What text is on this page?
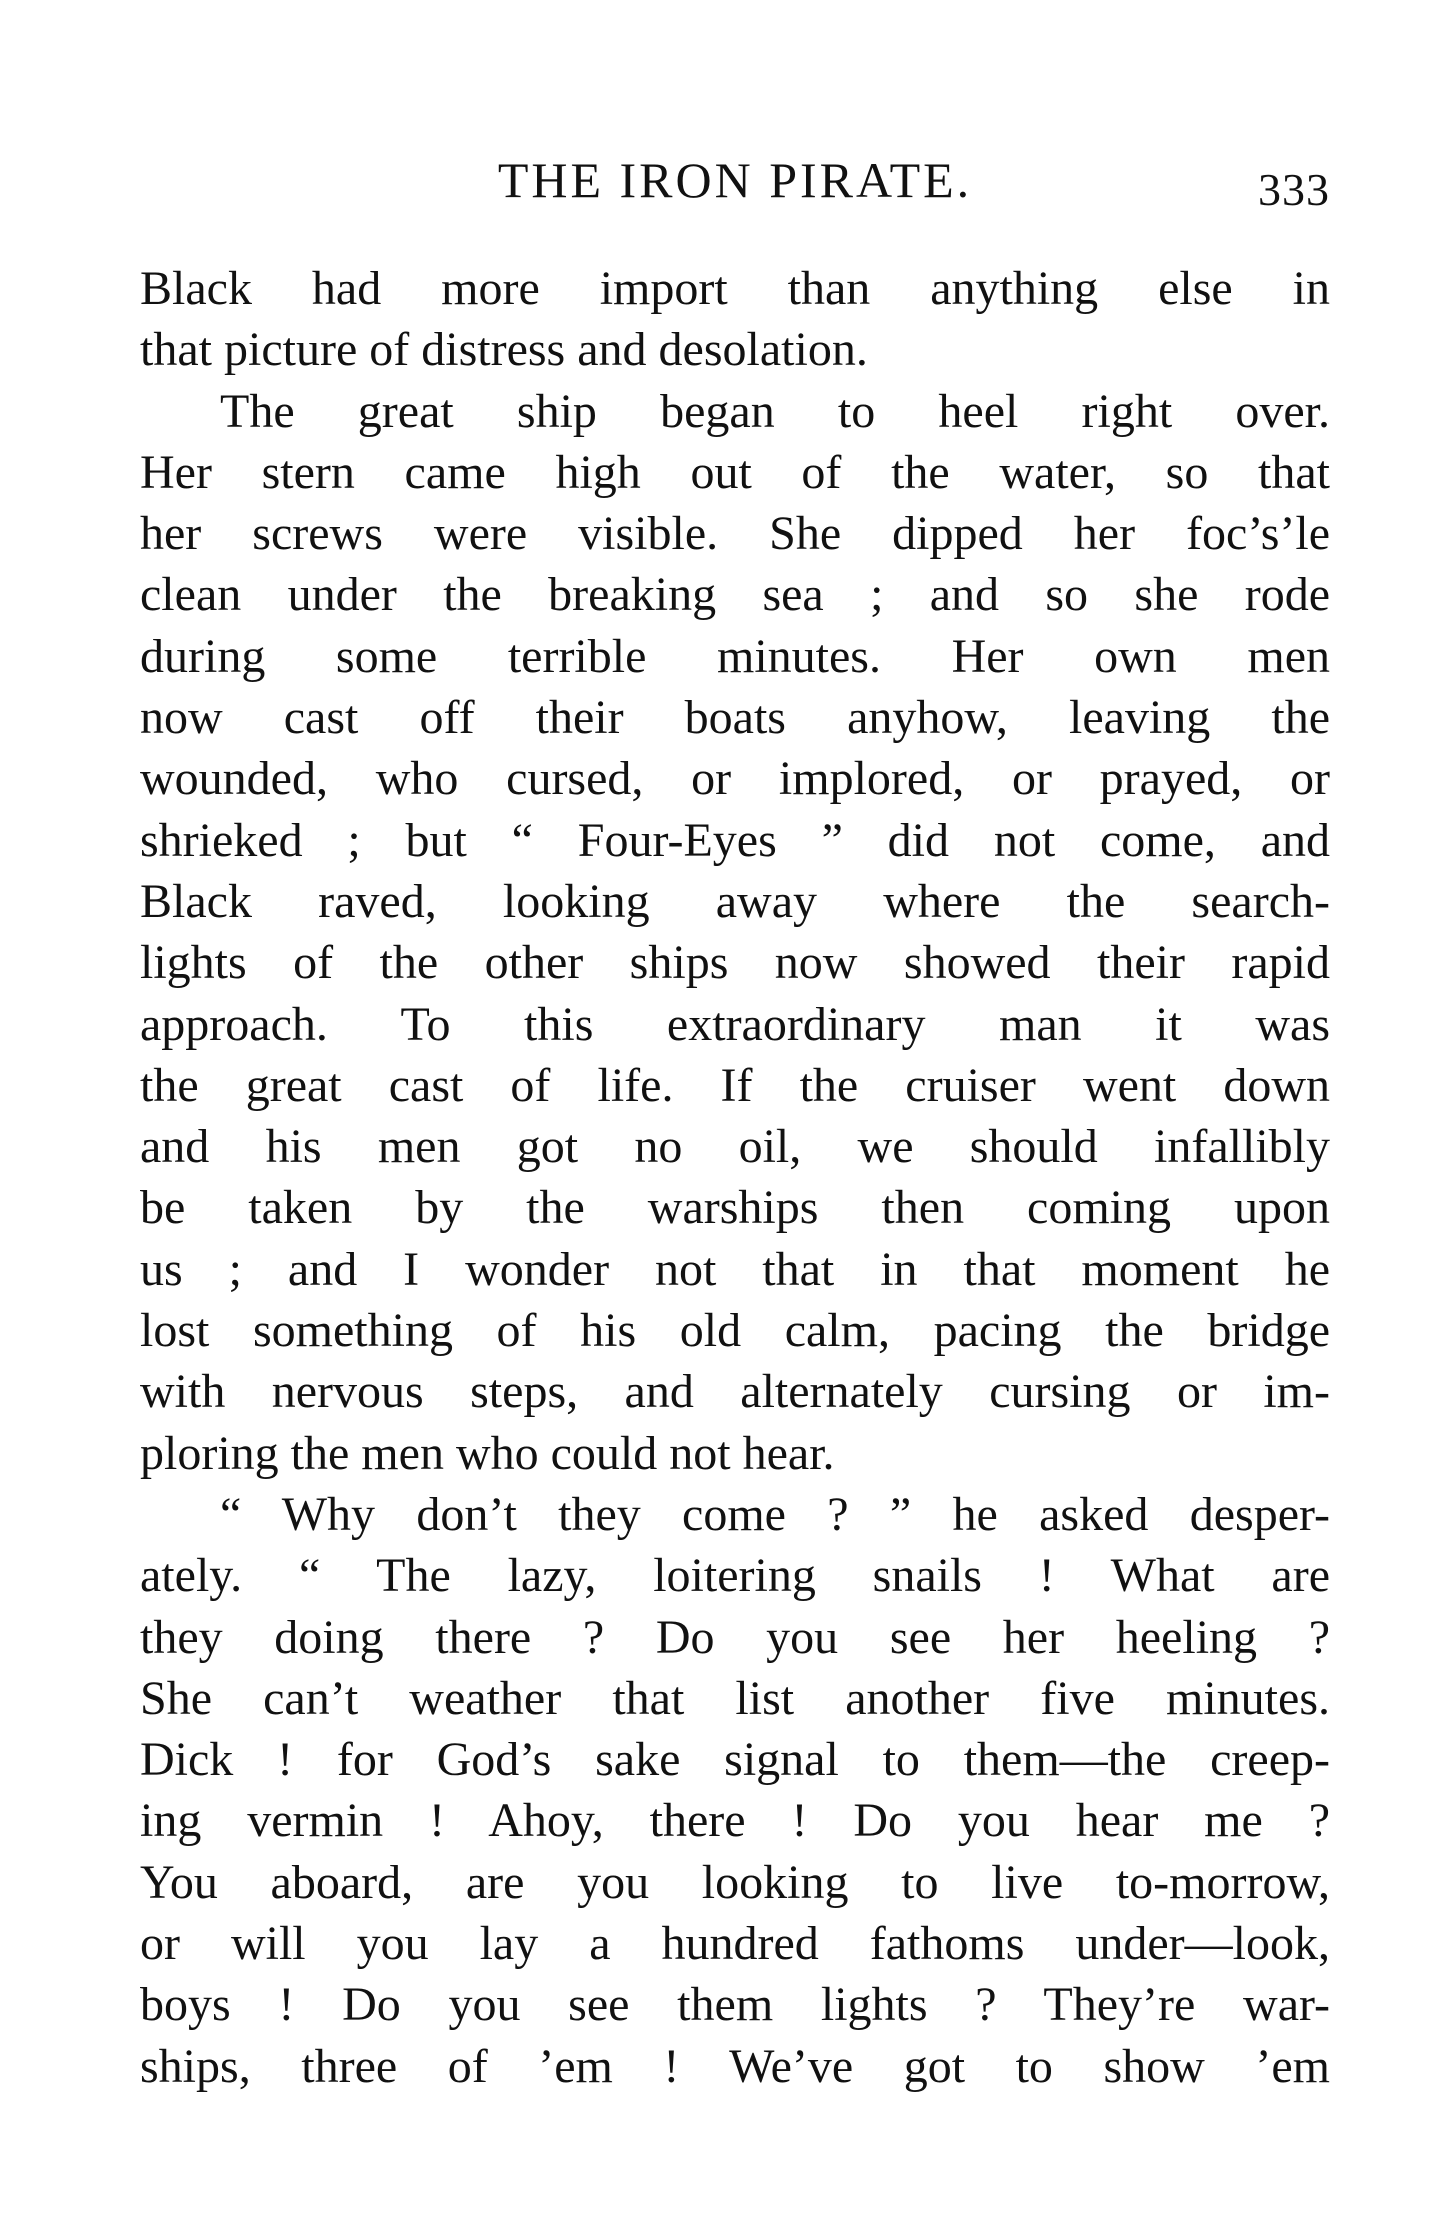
THE IRON PIRATE.	333
Black had more import than anything else in
that picture of distress and desolation.
The great ship began to heel right over.
Her stern came high out of the water, so that
her screws were visible. She dipped her foc’s’le
clean under the breaking sea ; and so she rode
during some terrible minutes. Her own men
now cast off their boats anyhow, leaving the
wounded, who cursed, or implored, or prayed, or
shrieked ; but “ Four-Eyes ” did not come, and
Black raved, looking away where the search-
lights of the other ships now showed their rapid
approach. To this extraordinary man it was
the great cast of life. If the cruiser went down
and his men got no oil, we should infallibly
be taken by the warships then coming upon
us ; and I wonder not that in that moment he
lost something of his old calm, pacing the bridge
with nervous steps, and alternately cursing or im-
ploring the men who could not hear.
“ Why don’t they come ? ” he asked desper-
ately. “ The lazy, loitering snails ! What are
they doing there ? Do you see her heeling ?
She can’t weather that list another five minutes.
Dick ! for God’s sake signal to them—the creep-
ing vermin ! Ahoy, there ! Do you hear me ?
You aboard, are you looking to live to-morrow,
or will you lay a hundred fathoms under—look,
boys ! Do you see them lights ? They’re war-
ships, three of ’em ! We’ve got to show ’em
